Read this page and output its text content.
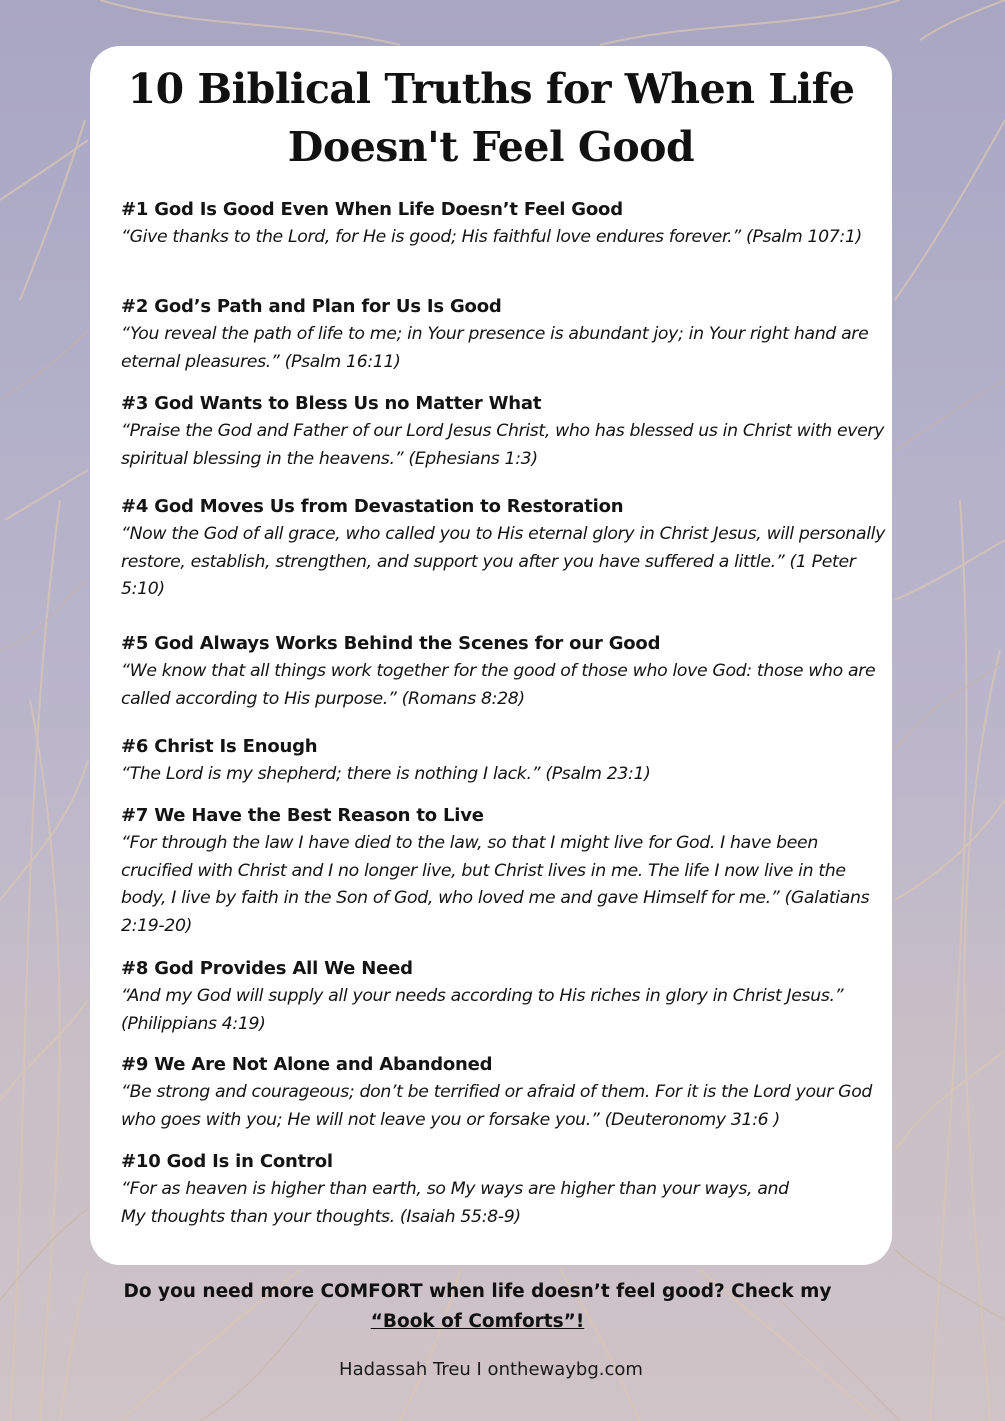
10 Biblical Truths for When Life Doesn't Feel Good
#1 God Is Good Even When Life Doesn’t Feel Good
“Give thanks to the Lord, for He is good; His faithful love endures forever.” (Psalm 107:1)
#2 God’s Path and Plan for Us Is Good
“You reveal the path of life to me; in Your presence is abundant joy; in Your right hand are eternal pleasures.” (Psalm 16:11)
#3 God Wants to Bless Us no Matter What
“Praise the God and Father of our Lord Jesus Christ, who has blessed us in Christ with every spiritual blessing in the heavens.” (Ephesians 1:3)
#4 God Moves Us from Devastation to Restoration
“Now the God of all grace, who called you to His eternal glory in Christ Jesus, will personally restore, establish, strengthen, and support you after you have suffered a little.” (1 Peter 5:10)
#5 God Always Works Behind the Scenes for our Good
“We know that all things work together for the good of those who love God: those who are called according to His purpose.” (Romans 8:28)
#6 Christ Is Enough
“The Lord is my shepherd; there is nothing I lack.” (Psalm 23:1)
#7 We Have the Best Reason to Live
“For through the law I have died to the law, so that I might live for God. I have been crucified with Christ and I no longer live, but Christ lives in me. The life I now live in the body, I live by faith in the Son of God, who loved me and gave Himself for me.” (Galatians 2:19-20)
#8 God Provides All We Need
“And my God will supply all your needs according to His riches in glory in Christ Jesus.” (Philippians 4:19)
#9 We Are Not Alone and Abandoned
“Be strong and courageous; don’t be terrified or afraid of them. For it is the Lord your God who goes with you; He will not leave you or forsake you.” (Deuteronomy 31:6 )
#10 God Is in Control
“For as heaven is higher than earth, so My ways are higher than your ways, and My thoughts than your thoughts. (Isaiah 55:8-9)
Do you need more COMFORT when life doesn’t feel good? Check my
“Book of Comforts”!
Hadassah Treu I onthewaybg.com
